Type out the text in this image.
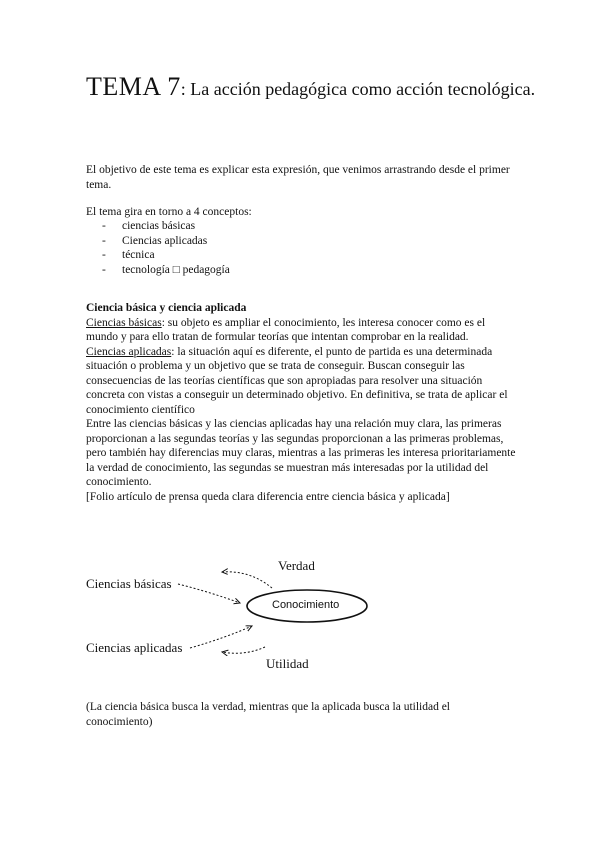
TEMA 7: La acción pedagógica como acción tecnológica.
El objetivo de este tema es explicar esta expresión, que venimos arrastrando desde el primer tema.
El tema gira en torno a 4 conceptos:
- ciencias básicas
- Ciencias aplicadas
- técnica
- tecnología □ pedagogía
Ciencia básica y ciencia aplicada
Ciencias básicas: su objeto es ampliar el conocimiento, les interesa conocer como es el mundo y para ello tratan de formular teorías que intentan comprobar en la realidad.
Ciencias aplicadas: la situación aquí es diferente, el punto de partida es una determinada situación o problema y un objetivo que se trata de conseguir. Buscan conseguir las consecuencias de las teorías científicas que son apropiadas para resolver una situación concreta con vistas a conseguir un determinado objetivo. En definitiva, se trata de aplicar el conocimiento científico
Entre las ciencias básicas y las ciencias aplicadas hay una relación muy clara, las primeras proporcionan a las segundas teorías y las segundas proporcionan a las primeras problemas, pero también hay diferencias muy claras, mientras a las primeras les interesa prioritariamente la verdad de conocimiento, las segundas se muestran más interesadas por la utilidad del conocimiento.
[Folio artículo de prensa queda clara diferencia entre ciencia básica y aplicada]
Verdad
Ciencias básicas
Conocimiento
Ciencias aplicadas
Utilidad
(La ciencia básica busca la verdad, mientras que la aplicada busca la utilidad el conocimiento)
